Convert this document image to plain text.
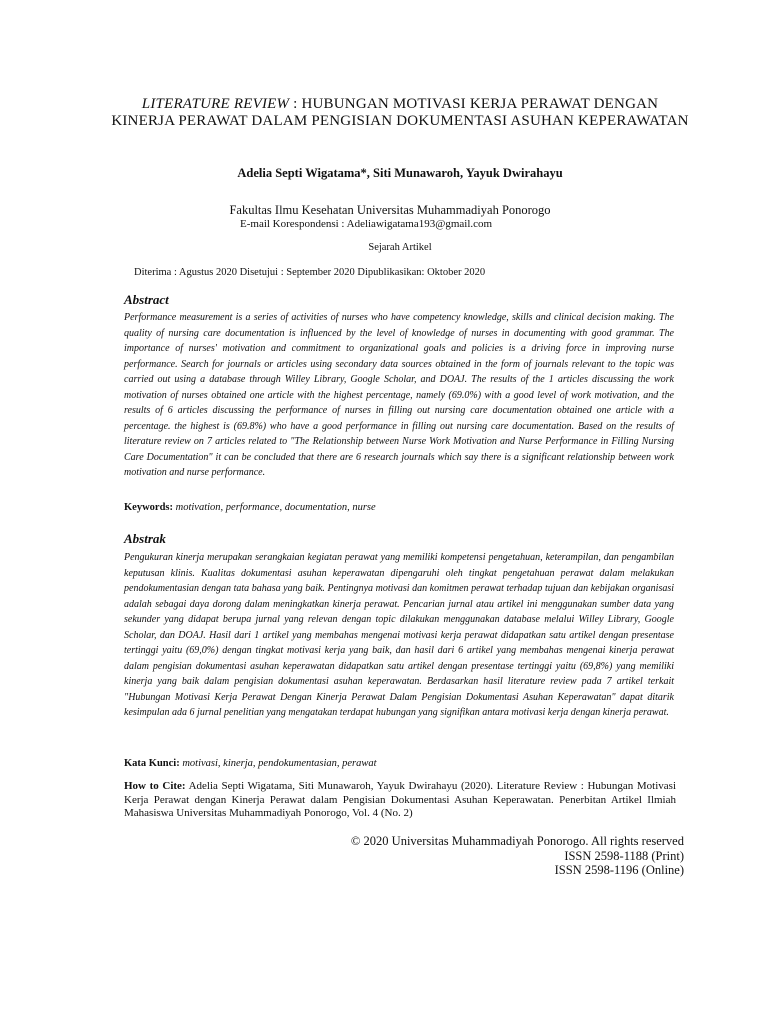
LITERATURE REVIEW : HUBUNGAN MOTIVASI KERJA PERAWAT DENGAN KINERJA PERAWAT DALAM PENGISIAN DOKUMENTASI ASUHAN KEPERAWATAN
Adelia Septi Wigatama*, Siti Munawaroh, Yayuk Dwirahayu
Fakultas Ilmu Kesehatan Universitas Muhammadiyah Ponorogo
E-mail Korespondensi : Adeliawigatama193@gmail.com
Sejarah Artikel
Diterima : Agustus 2020 Disetujui : September 2020 Dipublikasikan: Oktober 2020
Abstract
Performance measurement is a series of activities of nurses who have competency knowledge, skills and clinical decision making. The quality of nursing care documentation is influenced by the level of knowledge of nurses in documenting with good grammar. The importance of nurses' motivation and commitment to organizational goals and policies is a driving force in improving nurse performance. Search for journals or articles using secondary data sources obtained in the form of journals relevant to the topic was carried out using a database through Willey Library, Google Scholar, and DOAJ. The results of the 1 articles discussing the work motivation of nurses obtained one article with the highest percentage, namely (69.0%) with a good level of work motivation, and the results of 6 articles discussing the performance of nurses in filling out nursing care documentation obtained one article with a percentage. the highest is (69.8%) who have a good performance in filling out nursing care documentation. Based on the results of literature review on 7 articles related to "The Relationship between Nurse Work Motivation and Nurse Performance in Filling Nursing Care Documentation" it can be concluded that there are 6 research journals which say there is a significant relationship between work motivation and nurse performance.
Keywords: motivation, performance, documentation, nurse
Abstrak
Pengukuran kinerja merupakan serangkaian kegiatan perawat yang memiliki kompetensi pengetahuan, keterampilan, dan pengambilan keputusan klinis. Kualitas dokumentasi asuhan keperawatan dipengaruhi oleh tingkat pengetahuan perawat dalam melakukan pendokumentasian dengan tata bahasa yang baik. Pentingnya motivasi dan komitmen perawat terhadap tujuan dan kebijakan organisasi adalah sebagai daya dorong dalam meningkatkan kinerja perawat. Pencarian jurnal atau artikel ini menggunakan sumber data yang sekunder yang didapat berupa jurnal yang relevan dengan topic dilakukan menggunakan database melalui Willey Library, Google Scholar, dan DOAJ. Hasil dari 1 artikel yang membahas mengenai motivasi kerja perawat didapatkan satu artikel dengan presentase tertinggi yaitu (69,0%) dengan tingkat motivasi kerja yang baik, dan hasil dari 6 artikel yang membahas mengenai kinerja perawat dalam pengisian dokumentasi asuhan keperawatan didapatkan satu artikel dengan presentase tertinggi yaitu (69,8%) yang memiliki kinerja yang baik dalam pengisian dokumentasi asuhan keperawatan. Berdasarkan hasil literature review pada 7 artikel terkait "Hubungan Motivasi Kerja Perawat Dengan Kinerja Perawat Dalam Pengisian Dokumentasi Asuhan Keperawatan" dapat ditarik kesimpulan ada 6 jurnal penelitian yang mengatakan terdapat hubungan yang signifikan antara motivasi kerja dengan kinerja perawat.
Kata Kunci: motivasi, kinerja, pendokumentasian, perawat
How to Cite: Adelia Septi Wigatama, Siti Munawaroh, Yayuk Dwirahayu (2020). Literature Review : Hubungan Motivasi Kerja Perawat dengan Kinerja Perawat dalam Pengisian Dokumentasi Asuhan Keperawatan. Penerbitan Artikel Ilmiah Mahasiswa Universitas Muhammadiyah Ponorogo, Vol. 4 (No. 2)
© 2020 Universitas Muhammadiyah Ponorogo. All rights reserved
ISSN 2598-1188 (Print)
ISSN 2598-1196 (Online)
